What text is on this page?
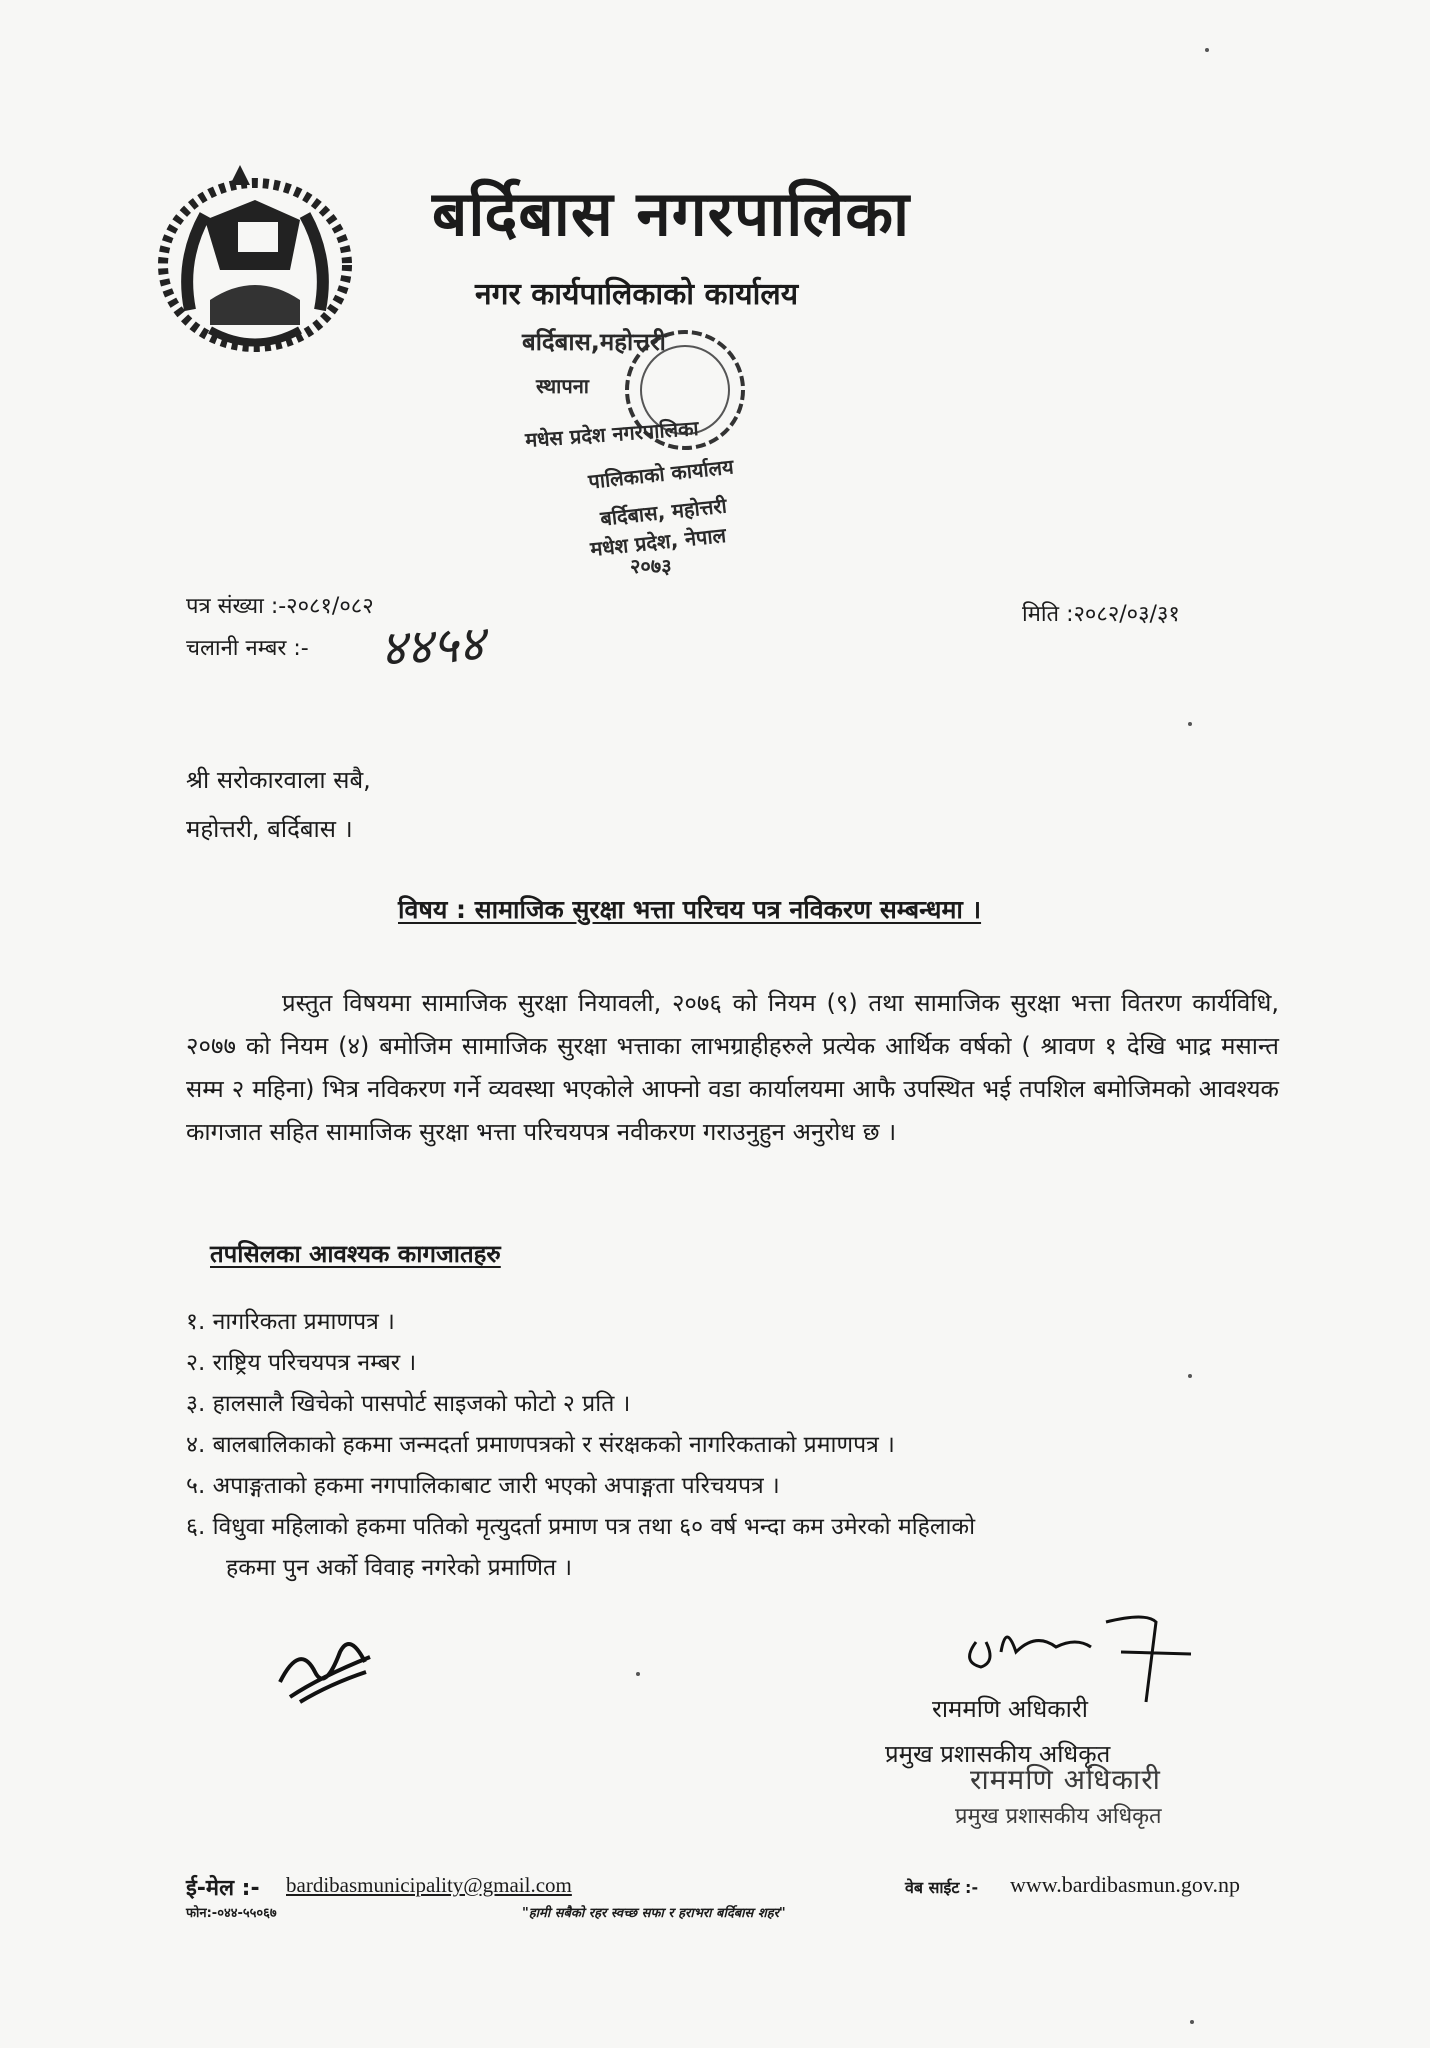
बर्दिबास नगरपालिका
नगर कार्यपालिकाको कार्यालय
बर्दिबास,महोत्तरी
स्थापना
मधेस प्रदेश नगरपालिका
पालिकाको कार्यालय
बर्दिबास, महोत्तरी
मधेश प्रदेश, नेपाल
२०७३
पत्र संख्या :-२०८१/०८२
चलानी नम्बर :- ४४५४	मिति :२०८२/०३/३१
श्री सरोकारवाला सबै,
महोत्तरी, बर्दिबास ।
विषय : सामाजिक सुरक्षा भत्ता परिचय पत्र नविकरण सम्बन्धमा ।
प्रस्तुत विषयमा सामाजिक सुरक्षा नियावली, २०७६ को नियम (९) तथा सामाजिक सुरक्षा भत्ता वितरण कार्यविधि, २०७७ को नियम (४) बमोजिम सामाजिक सुरक्षा भत्ताका लाभग्राहीहरुले प्रत्येक आर्थिक वर्षको ( श्रावण १ देखि भाद्र मसान्त सम्म २ महिना) भित्र नविकरण गर्ने व्यवस्था भएकोले आफ्नो वडा कार्यालयमा आफै उपस्थित भई तपशिल बमोजिमको आवश्यक कागजात सहित सामाजिक सुरक्षा भत्ता परिचयपत्र नवीकरण गराउनुहुन अनुरोध छ ।
तपसिलका आवश्यक कागजातहरु
१. नागरिकता प्रमाणपत्र ।
२. राष्ट्रिय परिचयपत्र नम्बर ।
३. हालसालै खिचेको पासपोर्ट साइजको फोटो २ प्रति ।
४. बालबालिकाको हकमा जन्मदर्ता प्रमाणपत्रको र संरक्षकको नागरिकताको प्रमाणपत्र ।
५. अपाङ्गताको हकमा नगपालिकाबाट जारी भएको अपाङ्गता परिचयपत्र ।
६. विधुवा महिलाको हकमा पतिको मृत्युदर्ता प्रमाण पत्र तथा ६० वर्ष भन्दा कम उमेरको महिलाको
हकमा पुन अर्को विवाह नगरेको प्रमाणित ।
राममणि अधिकारी
प्रमुख प्रशासकीय अधिकृत
राममणि अधिकारी
प्रमुख प्रशासकीय अधिकृत
ई-मेल :- bardibasmunicipality@gmail.com	वेब साईट :- www.bardibasmun.gov.np
फोन:-०४४-५५०६७	"हामी सबैको रहर स्वच्छ सफा र हराभरा बर्दिबास शहर"
